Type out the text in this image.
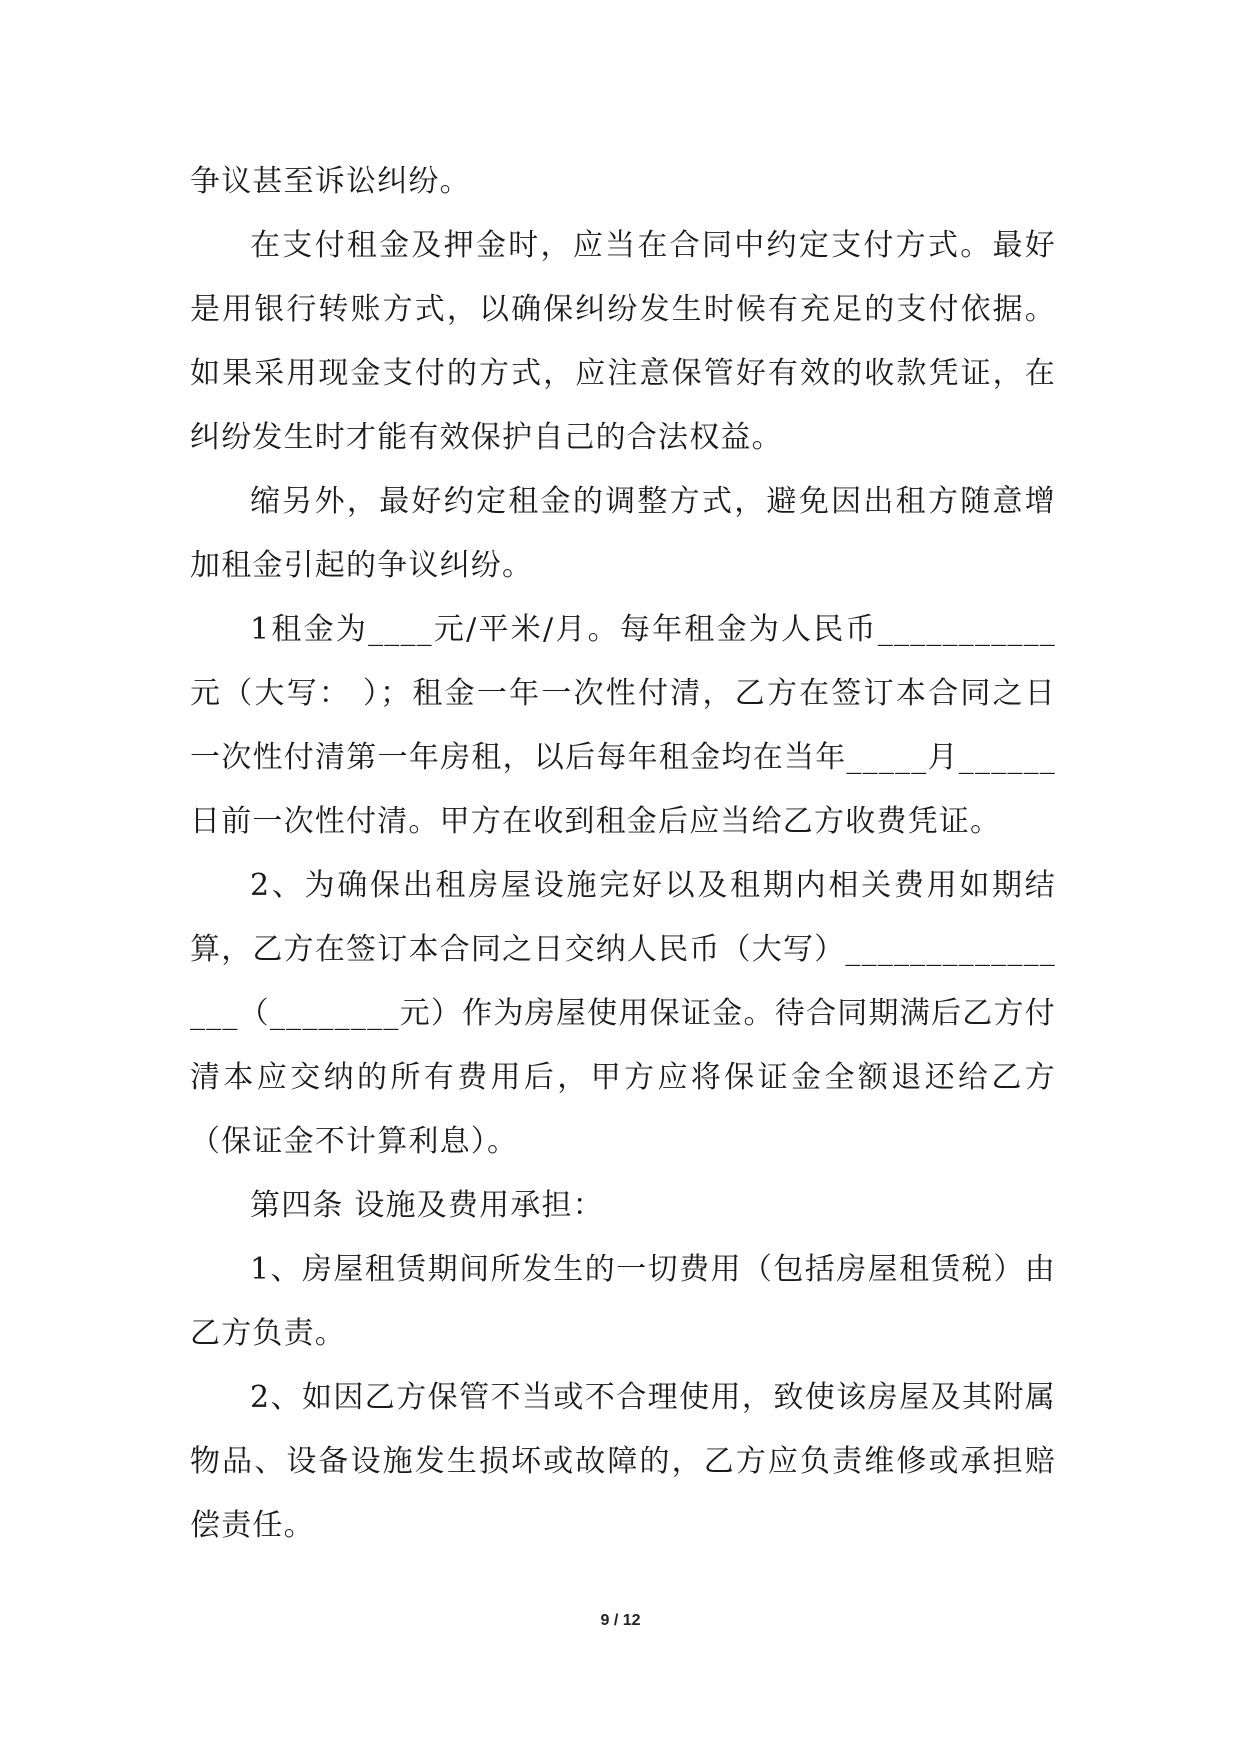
争议甚至诉讼纠纷。

在支付租金及押金时，应当在合同中约定支付方式。最好是用银行转账方式，以确保纠纷发生时候有充足的支付依据。如果采用现金支付的方式，应注意保管好有效的收款凭证，在纠纷发生时才能有效保护自己的合法权益。

缩另外，最好约定租金的调整方式，避免因出租方随意增加租金引起的争议纠纷。

1租金为____元/平米/月。每年租金为人民币___________元（大写： ）；租金一年一次性付清，乙方在签订本合同之日一次性付清第一年房租，以后每年租金均在当年_____月______日前一次性付清。甲方在收到租金后应当给乙方收费凭证。

2、为确保出租房屋设施完好以及租期内相关费用如期结算，乙方在签订本合同之日交纳人民币（大写）________________（________元）作为房屋使用保证金。待合同期满后乙方付清本应交纳的所有费用后，甲方应将保证金全额退还给乙方（保证金不计算利息）。

第四条 设施及费用承担：

1、房屋租赁期间所发生的一切费用（包括房屋租赁税）由乙方负责。

2、如因乙方保管不当或不合理使用，致使该房屋及其附属物品、设备设施发生损坏或故障的，乙方应负责维修或承担赔偿责任。

9 / 12
